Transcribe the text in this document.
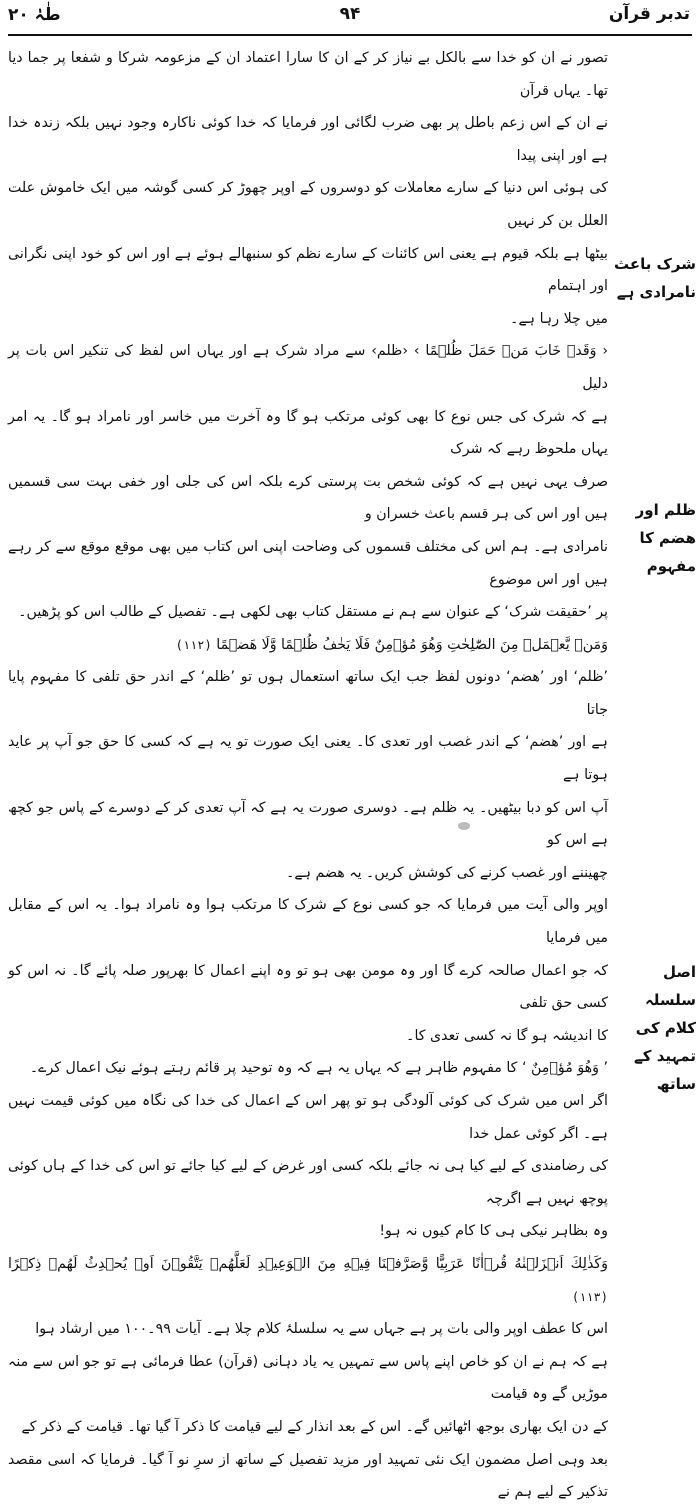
طٰہٰ ۲۰	۹۴	تدبر قرآن
شرک باعث نامرادی ہے
ظلم اور ھضم کا مفہوم
اصل سلسلہ کلام کی تمہید کے ساتھ

تصور نے ان کو خدا سے بالکل بے نیاز کر کے ان کا سارا اعتماد ان کے مزعومہ شرکا و شفعا پر جما دیا تھا۔ یہاں قرآن
نے ان کے اس زعم باطل پر بھی ضرب لگائی اور فرمایا کہ خدا کوئی ناکارہ وجود نہیں بلکہ زندہ خدا ہے اور اپنی پیدا
کی ہوئی اس دنیا کے سارے معاملات کو دوسروں کے اوپر چھوڑ کر کسی گوشہ میں ایک خاموش علت العلل بن کر نہیں
بیٹھا ہے بلکہ قیوم ہے یعنی اس کائنات کے سارے نظم کو سنبھالے ہوئے ہے اور اس کو خود اپنی نگرانی اور اہتمام
میں چلا رہا ہے۔

‹ وَقَدۡ خَابَ مَنۡ حَمَلَ ظُلۡمًا › ‹ظلم› سے مراد شرک ہے اور یہاں اس لفظ کی تنکیر اس بات پر دلیل
ہے کہ شرک کی جس نوع کا بھی کوئی مرتکب ہو گا وہ آخرت میں خاسر اور نامراد ہو گا۔ یہ امر یہاں ملحوظ رہے کہ شرک
صرف یہی نہیں ہے کہ کوئی شخص بت پرستی کرے بلکہ اس کی جلی اور خفی بہت سی قسمیں ہیں اور اس کی ہر قسم باعث خسران و
نامرادی ہے۔ ہم اس کی مختلف قسموں کی وضاحت اپنی اس کتاب میں بھی موقع موقع سے کر رہے ہیں اور اس موضوع
پر ’حقیقت شرک‘ کے عنوان سے ہم نے مستقل کتاب بھی لکھی ہے۔ تفصیل کے طالب اس کو پڑھیں۔

وَمَنۡ يَّعۡمَلۡ مِنَ الصّٰلِحٰتِ وَهُوَ مُؤۡمِنٌ فَلَا يَخٰفُ ظُلۡمًا وَّلَا هَضۡمًا (۱۱۲)

’ظلم‘ اور ’ھضم‘ دونوں لفظ جب ایک ساتھ استعمال ہوں تو ’ظلم‘ کے اندر حق تلفی کا مفہوم پایا جاتا
ہے اور ’ھضم‘ کے اندر غصب اور تعدی کا۔ یعنی ایک صورت تو یہ ہے کہ کسی کا حق جو آپ پر عاید ہوتا ہے
آپ اس کو دبا بیٹھیں۔ یہ ظلم ہے۔ دوسری صورت یہ ہے کہ آپ تعدی کر کے دوسرے کے پاس جو کچھ ہے اس کو
چھیننے اور غصب کرنے کی کوشش کریں۔ یہ ھضم ہے۔

اوپر والی آیت میں فرمایا کہ جو کسی نوع کے شرک کا مرتکب ہوا وہ نامراد ہوا۔ یہ اس کے مقابل میں فرمایا
کہ جو اعمال صالحہ کرے گا اور وہ مومن بھی ہو تو وہ اپنے اعمال کا بھرپور صلہ پائے گا۔ نہ اس کو کسی حق تلفی
کا اندیشہ ہو گا نہ کسی تعدی کا۔

’ وَهُوَ مُؤۡمِنٌ ‘ کا مفہوم ظاہر ہے کہ یہاں یہ ہے کہ وہ توحید پر قائم رہتے ہوئے نیک اعمال کرے۔
اگر اس میں شرک کی کوئی آلودگی ہو تو پھر اس کے اعمال کی خدا کی نگاہ میں کوئی قیمت نہیں ہے۔ اگر کوئی عمل خدا
کی رضامندی کے لیے کیا ہی نہ جائے بلکہ کسی اور غرض کے لیے کیا جائے تو اس کی خدا کے ہاں کوئی پوچھ نہیں ہے اگرچہ
وہ بظاہر نیکی ہی کا کام کیوں نہ ہو!

وَكَذٰلِكَ اَنۡزَلۡنٰهُ قُرۡاٰنًا عَرَبِيًّا وَّصَرَّفۡنَا فِيۡهِ مِنَ الۡوَعِيۡدِ لَعَلَّهُمۡ يَتَّقُوۡنَ اَوۡ يُحۡدِثُ لَهُمۡ ذِكۡرًا (۱۱۳)

اس کا عطف اوپر والی بات پر ہے جہاں سے یہ سلسلۂ کلام چلا ہے۔ آیات ۹۹۔۱۰۰ میں ارشاد ہوا
ہے کہ ہم نے ان کو خاص اپنے پاس سے تمہیں یہ یاد دہانی (قرآن) عطا فرمائی ہے تو جو اس سے منہ موڑیں گے وہ قیامت
کے دن ایک بھاری بوجھ اٹھائیں گے۔ اس کے بعد انذار کے لیے قیامت کا ذکر آ گیا تھا۔ قیامت کے ذکر کے
بعد وہی اصل مضمون ایک نئی تمہید اور مزید تفصیل کے ساتھ از سرِ نو آ گیا۔ فرمایا کہ اسی مقصد تذکیر کے لیے ہم نے
